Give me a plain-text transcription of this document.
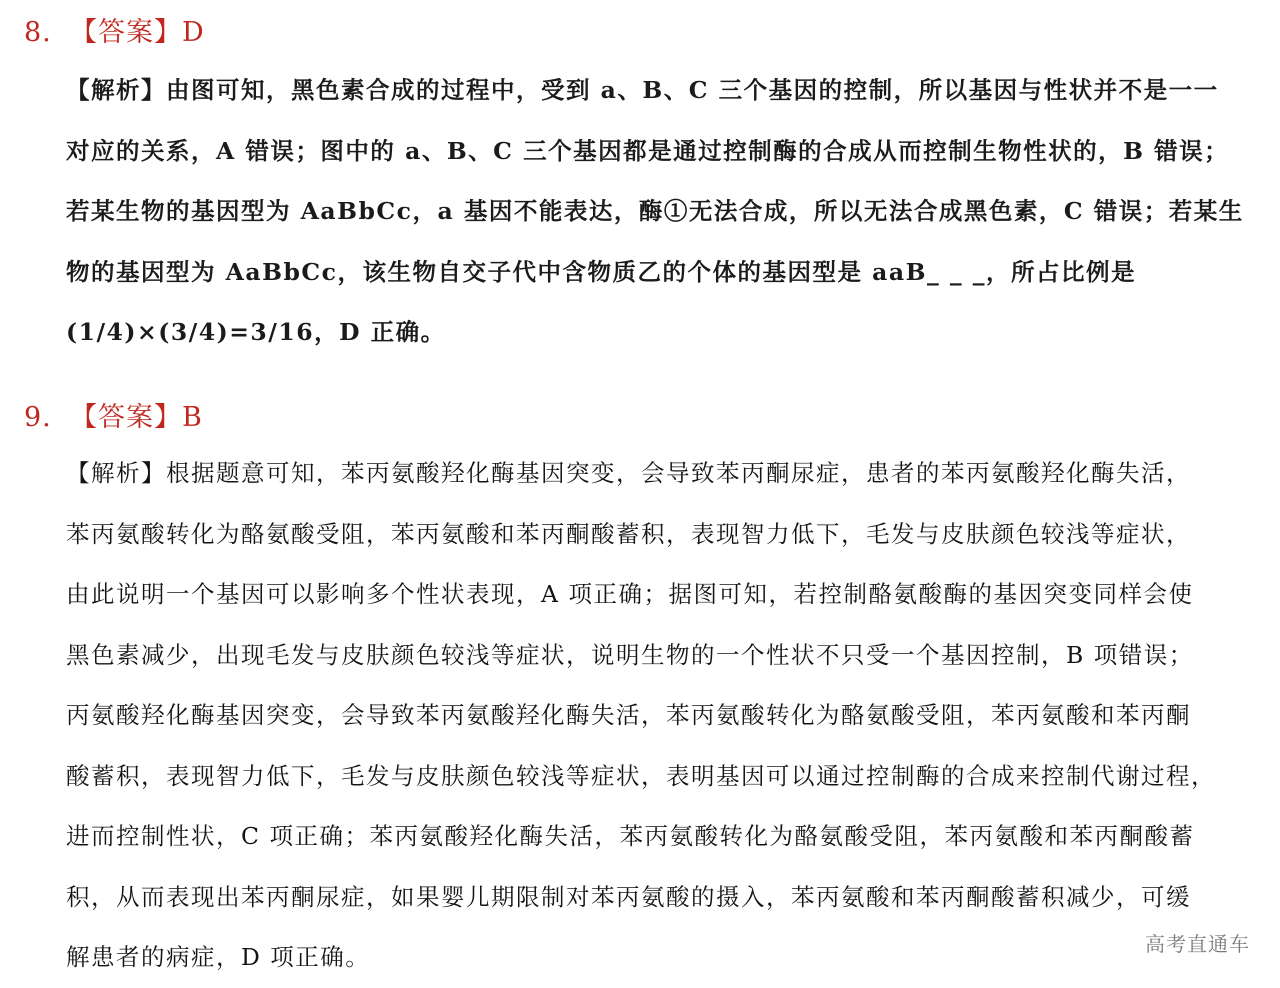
8. 【答案】D
【解析】由图可知，黑色素合成的过程中，受到 a、B、C 三个基因的控制，所以基因与性状并不是一一
对应的关系，A 错误；图中的 a、B、C 三个基因都是通过控制酶的合成从而控制生物性状的，B 错误；
若某生物的基因型为 AaBbCc，a 基因不能表达，酶①无法合成，所以无法合成黑色素，C 错误；若某生
物的基因型为 AaBbCc，该生物自交子代中含物质乙的个体的基因型是 aaB_ _ _，所占比例是
(1/4)×(3/4)=3/16，D 正确。
9. 【答案】B
【解析】根据题意可知，苯丙氨酸羟化酶基因突变，会导致苯丙酮尿症，患者的苯丙氨酸羟化酶失活，
苯丙氨酸转化为酪氨酸受阻，苯丙氨酸和苯丙酮酸蓄积，表现智力低下，毛发与皮肤颜色较浅等症状，
由此说明一个基因可以影响多个性状表现，A 项正确；据图可知，若控制酪氨酸酶的基因突变同样会使
黑色素减少，出现毛发与皮肤颜色较浅等症状，说明生物的一个性状不只受一个基因控制，B 项错误；
丙氨酸羟化酶基因突变，会导致苯丙氨酸羟化酶失活，苯丙氨酸转化为酪氨酸受阻，苯丙氨酸和苯丙酮
酸蓄积，表现智力低下，毛发与皮肤颜色较浅等症状，表明基因可以通过控制酶的合成来控制代谢过程，
进而控制性状，C 项正确；苯丙氨酸羟化酶失活，苯丙氨酸转化为酪氨酸受阻，苯丙氨酸和苯丙酮酸蓄
积，从而表现出苯丙酮尿症，如果婴儿期限制对苯丙氨酸的摄入，苯丙氨酸和苯丙酮酸蓄积减少，可缓
解患者的病症，D 项正确。	高考直通车
